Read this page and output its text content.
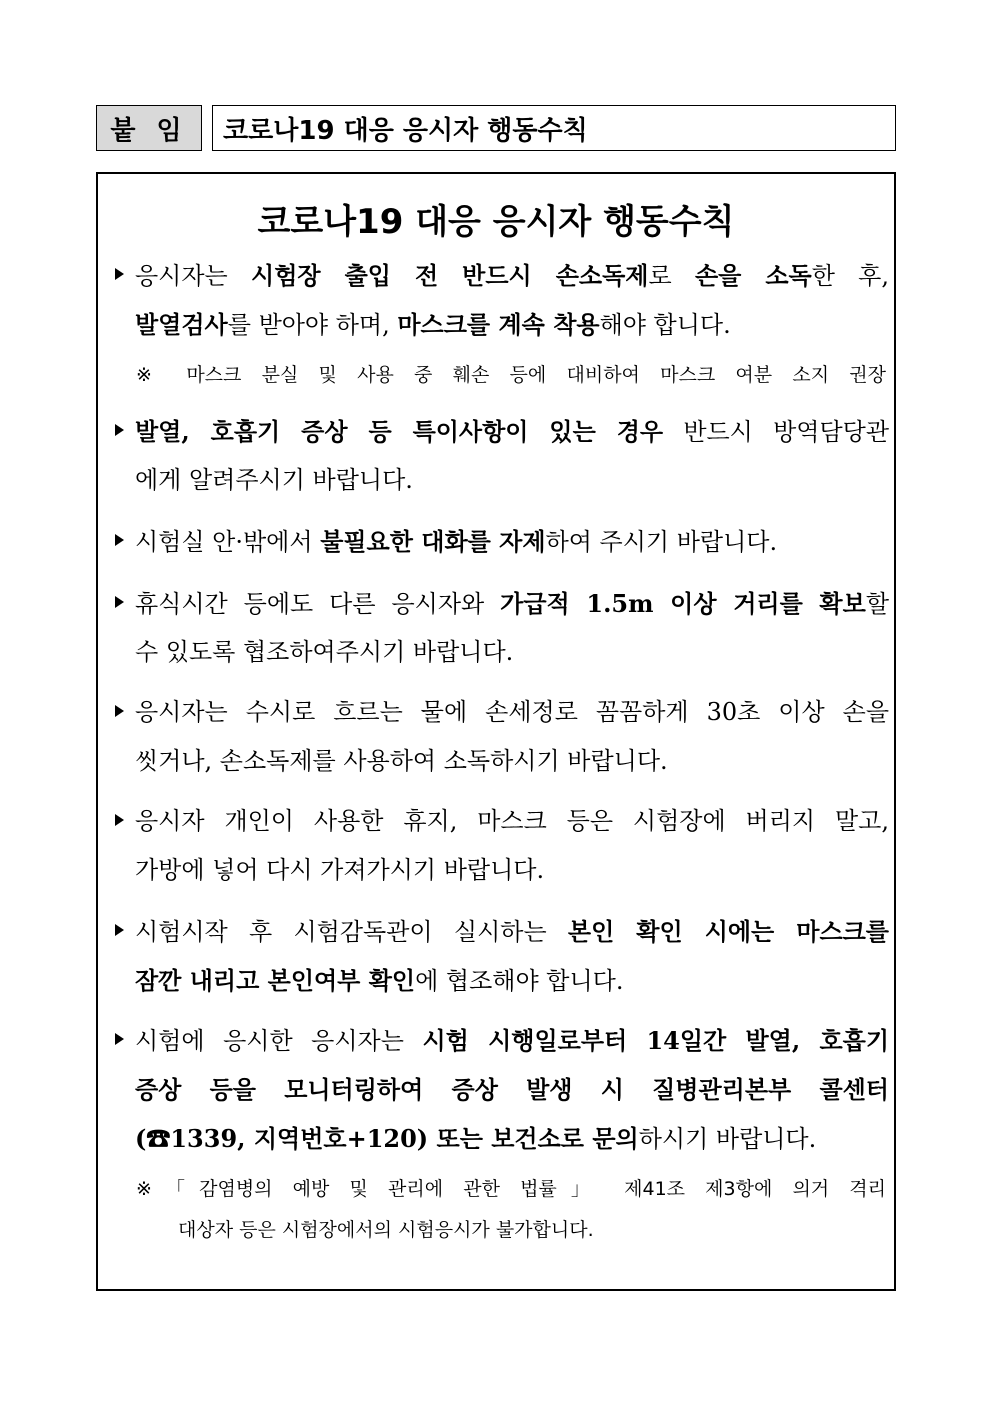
붙 임	코로나19 대응 응시자 행동수칙
코로나19 대응 응시자 행동수칙
응시자는 시험장 출입 전 반드시 손소독제로 손을 소독한 후,
발열검사를 받아야 하며, 마스크를 계속 착용해야 합니다.
※ 마스크 분실 및 사용 중 훼손 등에 대비하여 마스크 여분 소지 권장
발열, 호흡기 증상 등 특이사항이 있는 경우 반드시 방역담당관
에게 알려주시기 바랍니다.
시험실 안·밖에서 불필요한 대화를 자제하여 주시기 바랍니다.
휴식시간 등에도 다른 응시자와 가급적 1.5m 이상 거리를 확보할
수 있도록 협조하여주시기 바랍니다.
응시자는 수시로 흐르는 물에 손세정로 꼼꼼하게 30초 이상 손을
씻거나, 손소독제를 사용하여 소독하시기 바랍니다.
응시자 개인이 사용한 휴지, 마스크 등은 시험장에 버리지 말고,
가방에 넣어 다시 가져가시기 바랍니다.
시험시작 후 시험감독관이 실시하는 본인 확인 시에는 마스크를
잠깐 내리고 본인여부 확인에 협조해야 합니다.
시험에 응시한 응시자는 시험 시행일로부터 14일간 발열, 호흡기
증상 등을 모니터링하여 증상 발생 시 질병관리본부 콜센터
(☎1339, 지역번호+120) 또는 보건소로 문의하시기 바랍니다.
※「감염병의 예방 및 관리에 관한 법률」 제41조 제3항에 의거 격리
대상자 등은 시험장에서의 시험응시가 불가합니다.
